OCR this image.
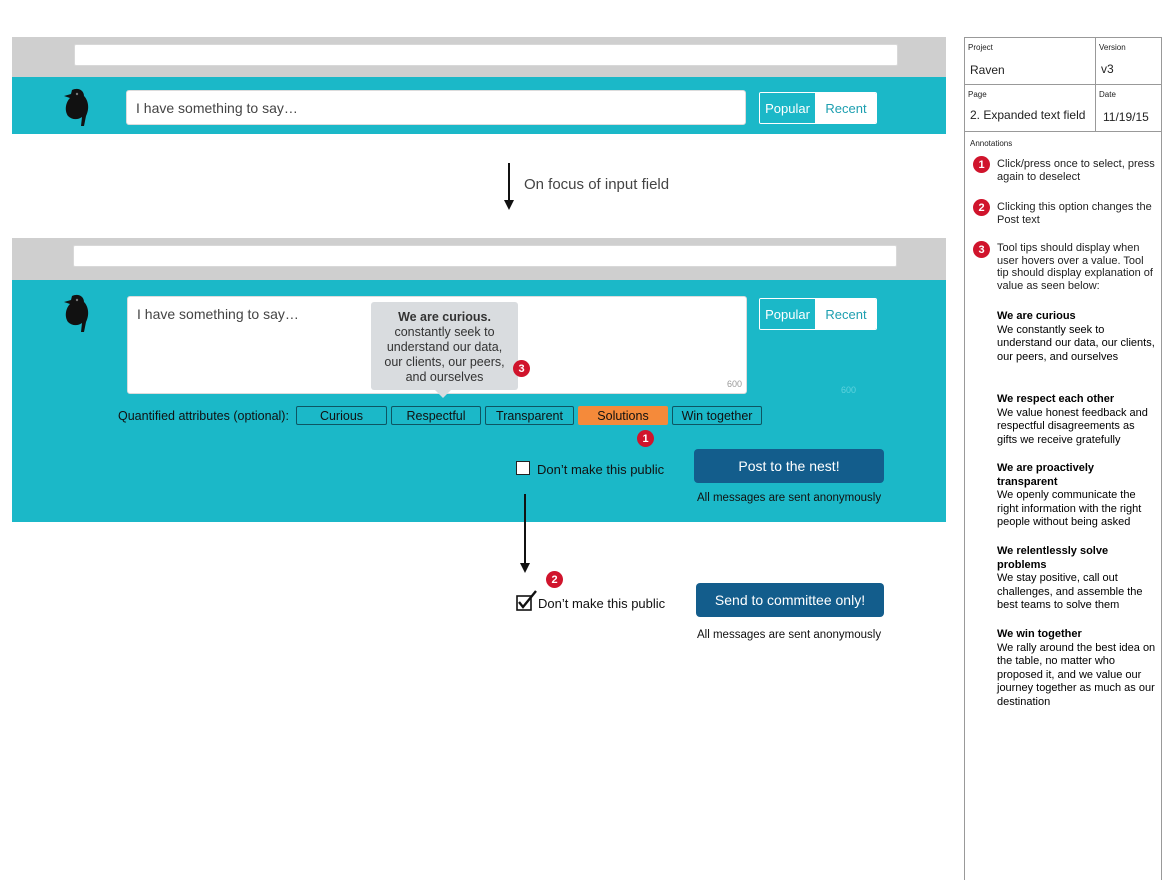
I have something to say…	Popular	Recent
On focus of input field
I have something to say…
600
Popular	Recent
600
We are curious.
constantly seek to understand our data, our clients, our peers, and ourselves
3
Quantified attributes (optional):	Curious	Respectful	Transparent	Solutions	Win together
1
Don’t make this public	Post to the nest!
All messages are sent anonymously
2
Don’t make this public	Send to committee only!
All messages are sent anonymously
Project
Raven
Version
v3
Page
2. Expanded text field
Date
11/19/15
Annotations
1	Click/press once to select, press again to deselect
2	Clicking this option changes the Post text
3	Tool tips should display when user hovers over a value. Tool tip should display explanation of value as seen below:
We are curious
We constantly seek to understand our data, our clients, our peers, and ourselves
We respect each other
We value honest feedback and respectful disagreements as gifts we receive gratefully
We are proactively transparent
We openly communicate the right information with the right people without being asked
We relentlessly solve problems
We stay positive, call out challenges, and assemble the best teams to solve them
We win together
We rally around the best idea on the table, no matter who proposed it, and we value our journey together as much as our destination
